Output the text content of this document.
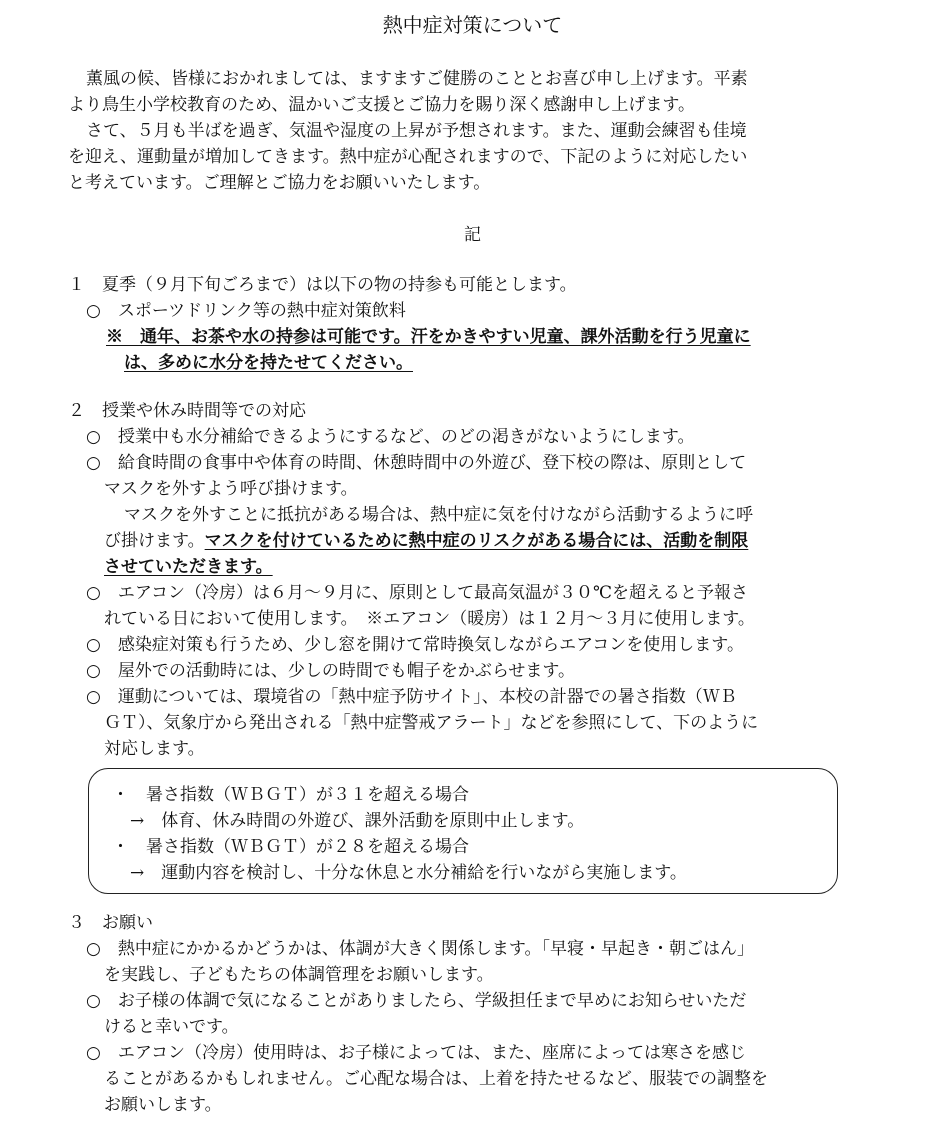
熱中症対策について
薫風の候、皆様におかれましては、ますますご健勝のこととお喜び申し上げます。平素
より鳥生小学校教育のため、温かいご支援とご協力を賜り深く感謝申し上げます。
さて、５月も半ばを過ぎ、気温や湿度の上昇が予想されます。また、運動会練習も佳境
を迎え、運動量が増加してきます。熱中症が心配されますので、下記のように対応したい
と考えています。ご理解とご協力をお願いいたします。
記
１　夏季（９月下旬ごろまで）は以下の物の持参も可能とします。
○　スポーツドリンク等の熱中症対策飲料
※　通年、お茶や水の持参は可能です。汗をかきやすい児童、課外活動を行う児童に
は、多めに水分を持たせてください。
２　授業や休み時間等での対応
○　授業中も水分補給できるようにするなど、のどの渇きがないようにします。
○　給食時間の食事中や体育の時間、休憩時間中の外遊び、登下校の際は、原則として
マスクを外すよう呼び掛けます。
マスクを外すことに抵抗がある場合は、熱中症に気を付けながら活動するように呼
び掛けます。マスクを付けているために熱中症のリスクがある場合には、活動を制限
させていただきます。
○　エアコン（冷房）は６月～９月に、原則として最高気温が３０℃を超えると予報さ
れている日において使用します。　※エアコン（暖房）は１２月～３月に使用します。
○　感染症対策も行うため、少し窓を開けて常時換気しながらエアコンを使用します。
○　屋外での活動時には、少しの時間でも帽子をかぶらせます。
○　運動については、環境省の「熱中症予防サイト」、本校の計器での暑さ指数（ＷＢ
ＧＴ）、気象庁から発出される「熱中症警戒アラート」などを参照にして、下のように
対応します。
・　暑さ指数（ＷＢＧＴ）が３１を超える場合
→　体育、休み時間の外遊び、課外活動を原則中止します。
・　暑さ指数（ＷＢＧＴ）が２８を超える場合
→　運動内容を検討し、十分な休息と水分補給を行いながら実施します。
３　お願い
○　熱中症にかかるかどうかは、体調が大きく関係します。「早寝・早起き・朝ごはん」
を実践し、子どもたちの体調管理をお願いします。
○　お子様の体調で気になることがありましたら、学級担任まで早めにお知らせいただ
けると幸いです。
○　エアコン（冷房）使用時は、お子様によっては、また、座席によっては寒さを感じ
ることがあるかもしれません。ご心配な場合は、上着を持たせるなど、服装での調整を
お願いします。
